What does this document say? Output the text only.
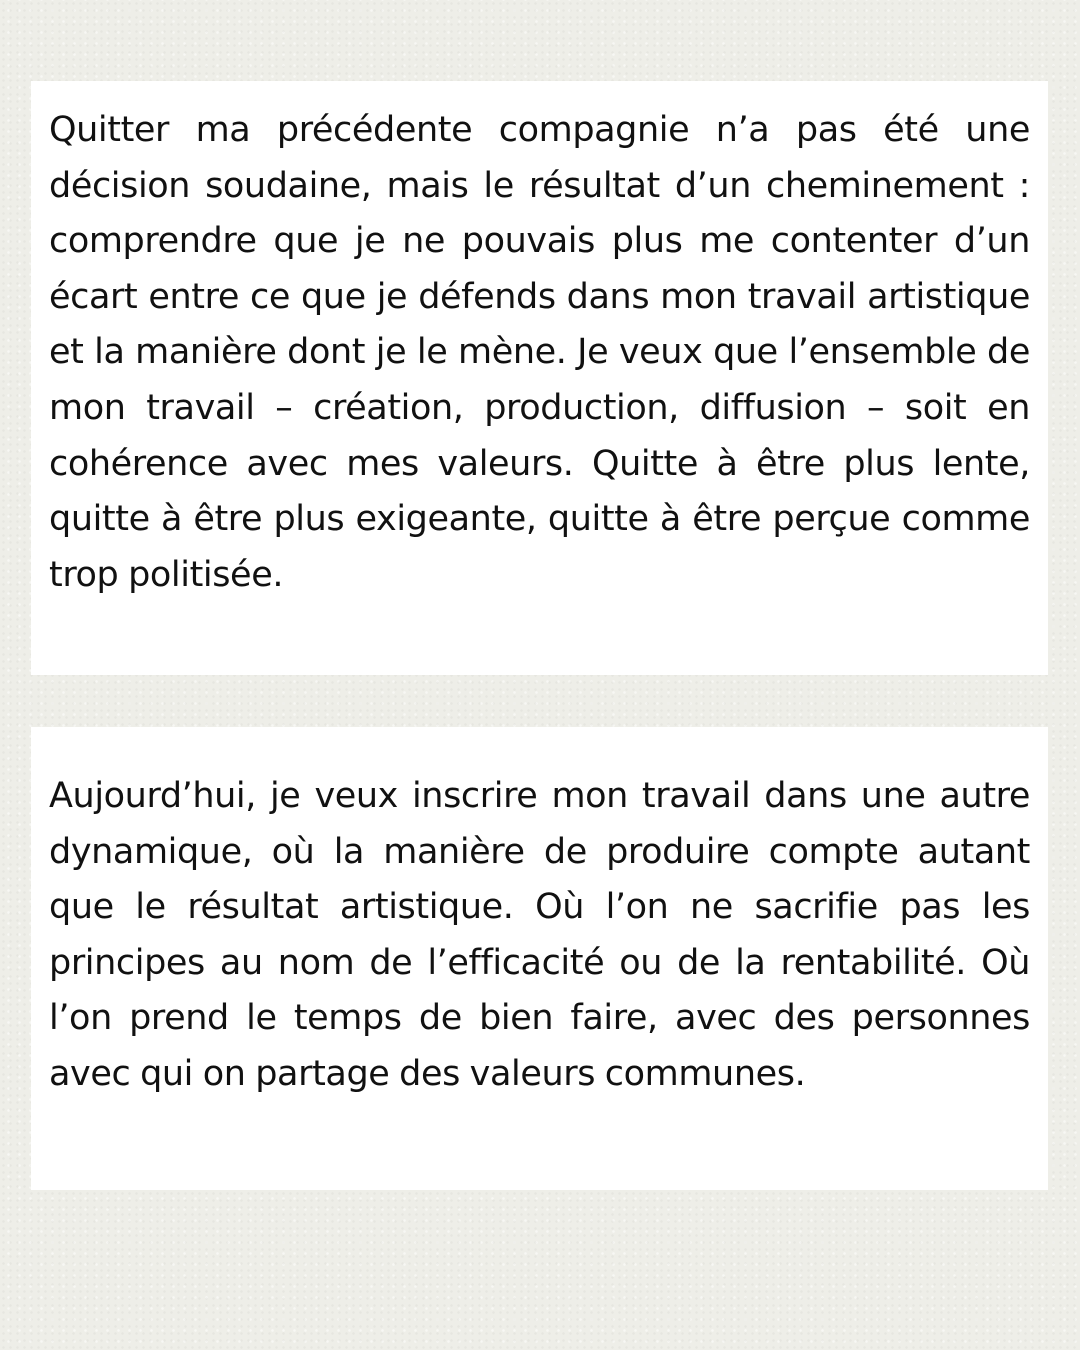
Quitter ma précédente compagnie n’a pas été une décision soudaine, mais le résultat d’un cheminement : comprendre que je ne pouvais plus me contenter d’un écart entre ce que je défends dans mon travail artistique et la manière dont je le mène. Je veux que l’ensemble de mon travail – création, production, diffusion – soit en cohérence avec mes valeurs. Quitte à être plus lente, quitte à être plus exigeante, quitte à être perçue comme trop politisée.

Aujourd’hui, je veux inscrire mon travail dans une autre dynamique, où la manière de produire compte autant que le résultat artistique. Où l’on ne sacrifie pas les principes au nom de l’efficacité ou de la rentabilité. Où l’on prend le temps de bien faire, avec des personnes avec qui on partage des valeurs communes.
